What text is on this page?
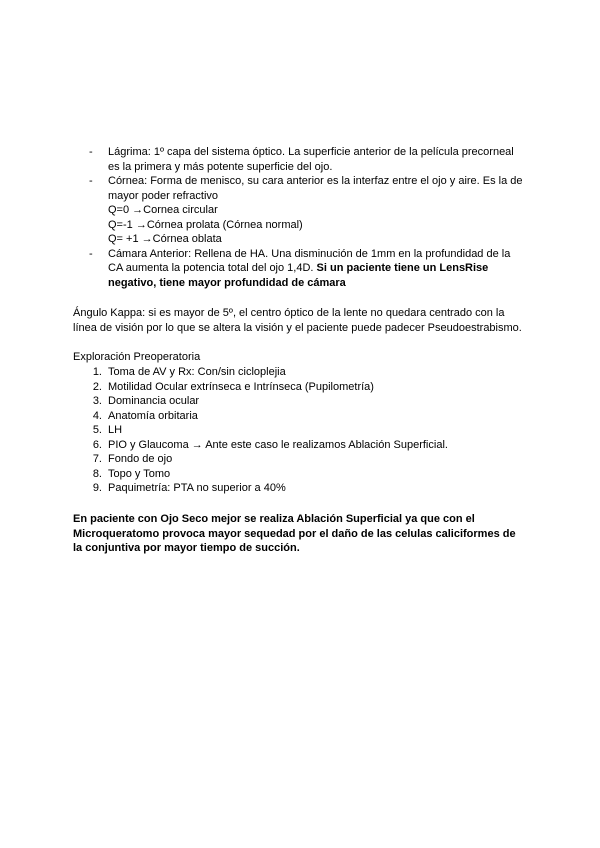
- Lágrima: 1º capa del sistema óptico. La superficie anterior de la película precorneal
es la primera y más potente superficie del ojo.
- Córnea: Forma de menisco, su cara anterior es la interfaz entre el ojo y aire. Es la de
mayor poder refractivo
Q=0 →Cornea circular
Q=-1 →Córnea prolata (Córnea normal)
Q= +1 →Córnea oblata
- Cámara Anterior: Rellena de HA. Una disminución de 1mm en la profundidad de la
CA aumenta la potencia total del ojo 1,4D. Si un paciente tiene un LensRise
negativo, tiene mayor profundidad de cámara
Ángulo Kappa: si es mayor de 5º, el centro óptico de la lente no quedara centrado con la
línea de visión por lo que se altera la visión y el paciente puede padecer Pseudoestrabismo.
Exploración Preoperatoria
1. Toma de AV y Rx: Con/sin cicloplejia
2. Motilidad Ocular extrínseca e Intrínseca (Pupilometría)
3. Dominancia ocular
4. Anatomía orbitaria
5. LH
6. PIO y Glaucoma → Ante este caso le realizamos Ablación Superficial.
7. Fondo de ojo
8. Topo y Tomo
9. Paquimetría: PTA no superior a 40%
En paciente con Ojo Seco mejor se realiza Ablación Superficial ya que con el
Microqueratomo provoca mayor sequedad por el daño de las celulas caliciformes de
la conjuntiva por mayor tiempo de succión.
